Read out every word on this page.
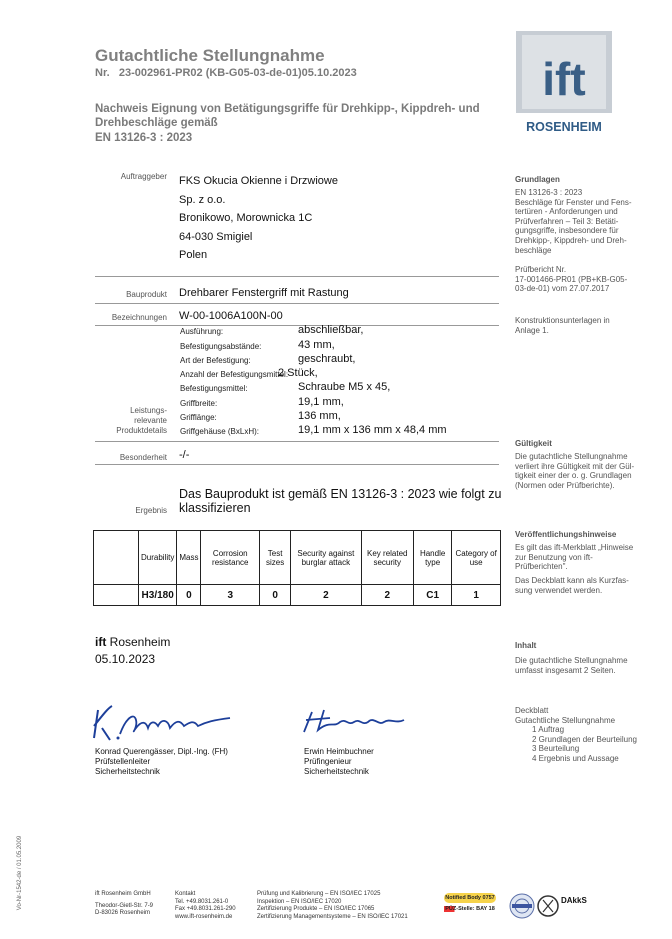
Gutachtliche Stellungnahme
Nr. 23-002961-PR02 (KB-G05-03-de-01)05.10.2023
Nachweis Eignung von Betätigungsgriffe für Drehkipp-, Kippdreh- und Drehbeschläge gemäß
EN 13126-3 : 2023
ift
ROSENHEIM
Auftraggeber FKS Okucia Okienne i Drzwiowe
Sp. z o.o.
Bronikowo, Morownicka 1C
64-030 Smigiel
Polen
Bauprodukt Drehbarer Fenstergriff mit Rastung
Bezeichnungen W-00-1006A100N-00
Leistungs-
relevante
Produktdetails
Ausführung:	abschließbar,
Befestigungsabstände:	43 mm,
Art der Befestigung:	geschraubt,
Anzahl der Befestigungsmittel:
2 Stück,
Befestigungsmittel:	Schraube M5 x 45,
Griffbreite:	19,1 mm,
Grifflänge:	136 mm,
Griffgehäuse (BxLxH):	19,1 mm x 136 mm x 48,4 mm
Besonderheit -/-
Ergebnis
Das Bauprodukt ist gemäß EN 13126-3 : 2023 wie folgt zu klassifizieren
	Durability	Mass	Corrosion resistance	Test sizes	Security against burglar attack	Key related security	Handle type	Category of use
	H3/180	0	3	0	2	2	C1	1
ift Rosenheim
05.10.2023
Konrad Querengässer, Dipl.-Ing. (FH)
Prüfstellenleiter
Sicherheitstechnik
Erwin Heimbuchner
Prüfingenieur
Sicherheitstechnik
Grundlagen
EN 13126-3 : 2023
Beschläge für Fenster und Fens-
tertüren - Anforderungen und
Prüfverfahren – Teil 3: Betäti-
gungsgriffe, insbesondere für
Drehkipp-, Kippdreh- und Dreh-
beschläge
Prüfbericht Nr.
17-001466-PR01 (PB+KB-G05-
03-de-01) vom 27.07.2017
Konstruktionsunterlagen in
Anlage 1.
Gültigkeit
Die gutachtliche Stellungnahme
verliert ihre Gültigkeit mit der Gül-
tigkeit einer der o. g. Grundlagen
(Normen oder Prüfberichte).
Veröffentlichungshinweise
Es gilt das ift-Merkblatt „Hinweise
zur Benutzung von ift-
Prüfberichten".
Das Deckblatt kann als Kurzfas-
sung verwendet werden.
Inhalt
Die gutachtliche Stellungnahme
umfasst insgesamt 2 Seiten.
Deckblatt
Gutachtliche Stellungnahme
1 Auftrag
2 Grundlagen der Beurteilung
3 Beurteilung
4 Ergebnis und Aussage
Vo-Nr-1542-de / 01.05.2009	ift Rosenheim GmbH
Theodor-Gietl-Str. 7-9
D-83026 Rosenheim
Kontakt
Tel. +49.8031.261-0
Fax +49.8031.261-290
www.ift-rosenheim.de
Prüfung und Kalibrierung – EN ISO/IEC 17025
Inspektion – EN ISO/IEC 17020
Zertifizierung Produkte – EN ISO/IEC 17065
Zertifizierung Managementsysteme – EN ISO/IEC 17021
Notified Body 0757
PÜZ-Stelle: BAY 18
DAkkS
